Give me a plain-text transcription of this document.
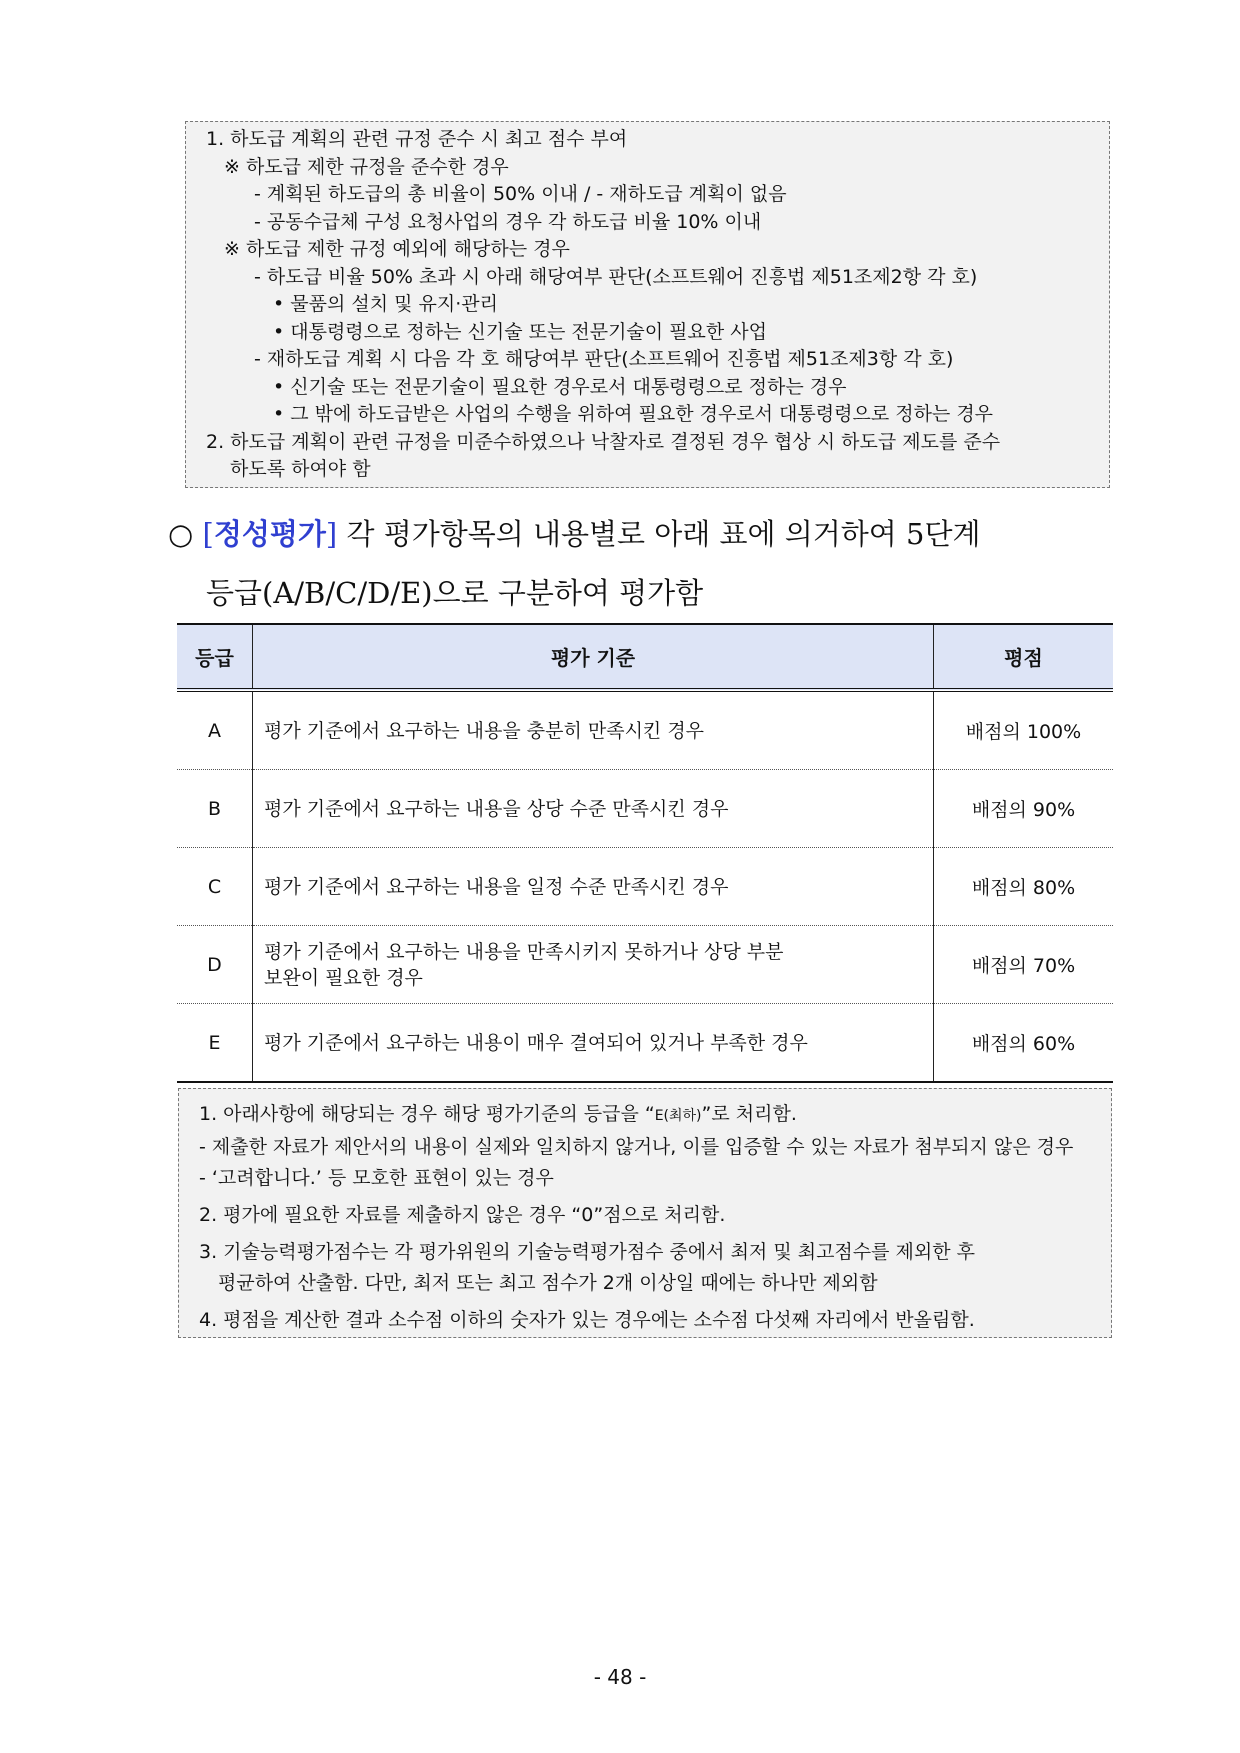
1. 하도급 계획의 관련 규정 준수 시 최고 점수 부여
※ 하도급 제한 규정을 준수한 경우
- 계획된 하도급의 총 비율이 50% 이내 / - 재하도급 계획이 없음
- 공동수급체 구성 요청사업의 경우 각 하도급 비율 10% 이내
※ 하도급 제한 규정 예외에 해당하는 경우
- 하도급 비율 50% 초과 시 아래 해당여부 판단(소프트웨어 진흥법 제51조제2항 각 호)
• 물품의 설치 및 유지·관리
• 대통령령으로 정하는 신기술 또는 전문기술이 필요한 사업
- 재하도급 계획 시 다음 각 호 해당여부 판단(소프트웨어 진흥법 제51조제3항 각 호)
• 신기술 또는 전문기술이 필요한 경우로서 대통령령으로 정하는 경우
• 그 밖에 하도급받은 사업의 수행을 위하여 필요한 경우로서 대통령령으로 정하는 경우
2. 하도급 계획이 관련 규정을 미준수하였으나 낙찰자로 결정된 경우 협상 시 하도급 제도를 준수
하도록 하여야 함
○ [정성평가] 각 평가항목의 내용별로 아래 표에 의거하여 5단계
등급(A/B/C/D/E)으로 구분하여 평가함
등급	평가 기준	평점
A	평가 기준에서 요구하는 내용을 충분히 만족시킨 경우	배점의 100%
B	평가 기준에서 요구하는 내용을 상당 수준 만족시킨 경우	배점의 90%
C	평가 기준에서 요구하는 내용을 일정 수준 만족시킨 경우	배점의 80%
D	평가 기준에서 요구하는 내용을 만족시키지 못하거나 상당 부분
보완이 필요한 경우	배점의 70%
E	평가 기준에서 요구하는 내용이 매우 결여되어 있거나 부족한 경우	배점의 60%
1. 아래사항에 해당되는 경우 해당 평가기준의 등급을 “E(최하)”로 처리함.
- 제출한 자료가 제안서의 내용이 실제와 일치하지 않거나, 이를 입증할 수 있는 자료가 첨부되지 않은 경우
- ‘고려합니다.’ 등 모호한 표현이 있는 경우
2. 평가에 필요한 자료를 제출하지 않은 경우 “0”점으로 처리함.
3. 기술능력평가점수는 각 평가위원의 기술능력평가점수 중에서 최저 및 최고점수를 제외한 후
평균하여 산출함. 다만, 최저 또는 최고 점수가 2개 이상일 때에는 하나만 제외함
4. 평점을 계산한 결과 소수점 이하의 숫자가 있는 경우에는 소수점 다섯째 자리에서 반올림함.
- 48 -
